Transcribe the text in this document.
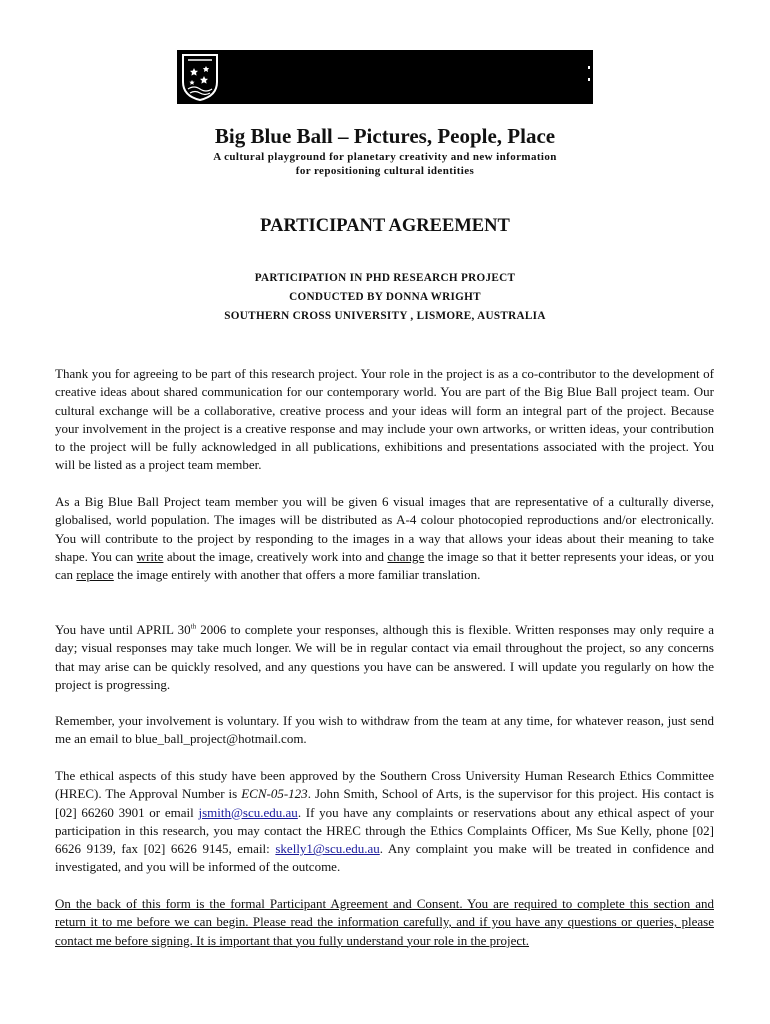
Big Blue Ball – Pictures, People, Place
A cultural playground for planetary creativity and new information
for repositioning cultural identities
PARTICIPANT AGREEMENT
PARTICIPATION IN PHD RESEARCH PROJECT
CONDUCTED BY DONNA WRIGHT
SOUTHERN CROSS UNIVERSITY , LISMORE, AUSTRALIA

Thank you for agreeing to be part of this research project. Your role in the project is as a co-contributor to the development of creative ideas about shared communication for our contemporary world. You are part of the Big Blue Ball project team. Our cultural exchange will be a collaborative, creative process and your ideas will form an integral part of the project. Because your involvement in the project is a creative response and may include your own artworks, or written ideas, your contribution to the project will be fully acknowledged in all publications, exhibitions and presentations associated with the project. You will be listed as a project team member.

As a Big Blue Ball Project team member you will be given 6 visual images that are representative of a culturally diverse, globalised, world population. The images will be distributed as A-4 colour photocopied reproductions and/or electronically. You will contribute to the project by responding to the images in a way that allows your ideas about their meaning to take shape. You can write about the image, creatively work into and change the image so that it better represents your ideas, or you can replace the image entirely with another that offers a more familiar translation.

You have until APRIL 30th 2006 to complete your responses, although this is flexible. Written responses may only require a day; visual responses may take much longer. We will be in regular contact via email throughout the project, so any concerns that may arise can be quickly resolved, and any questions you have can be answered. I will update you regularly on how the project is progressing.

Remember, your involvement is voluntary. If you wish to withdraw from the team at any time, for whatever reason, just send me an email to blue_ball_project@hotmail.com.

The ethical aspects of this study have been approved by the Southern Cross University Human Research Ethics Committee (HREC). The Approval Number is ECN-05-123. John Smith, School of Arts, is the supervisor for this project. His contact is [02] 66260 3901 or email jsmith@scu.edu.au. If you have any complaints or reservations about any ethical aspect of your participation in this research, you may contact the HREC through the Ethics Complaints Officer, Ms Sue Kelly, phone [02] 6626 9139, fax [02] 6626 9145, email: skelly1@scu.edu.au. Any complaint you make will be treated in confidence and investigated, and you will be informed of the outcome.

On the back of this form is the formal Participant Agreement and Consent. You are required to complete this section and return it to me before we can begin. Please read the information carefully, and if you have any questions or queries, please contact me before signing. It is important that you fully understand your role in the project.
